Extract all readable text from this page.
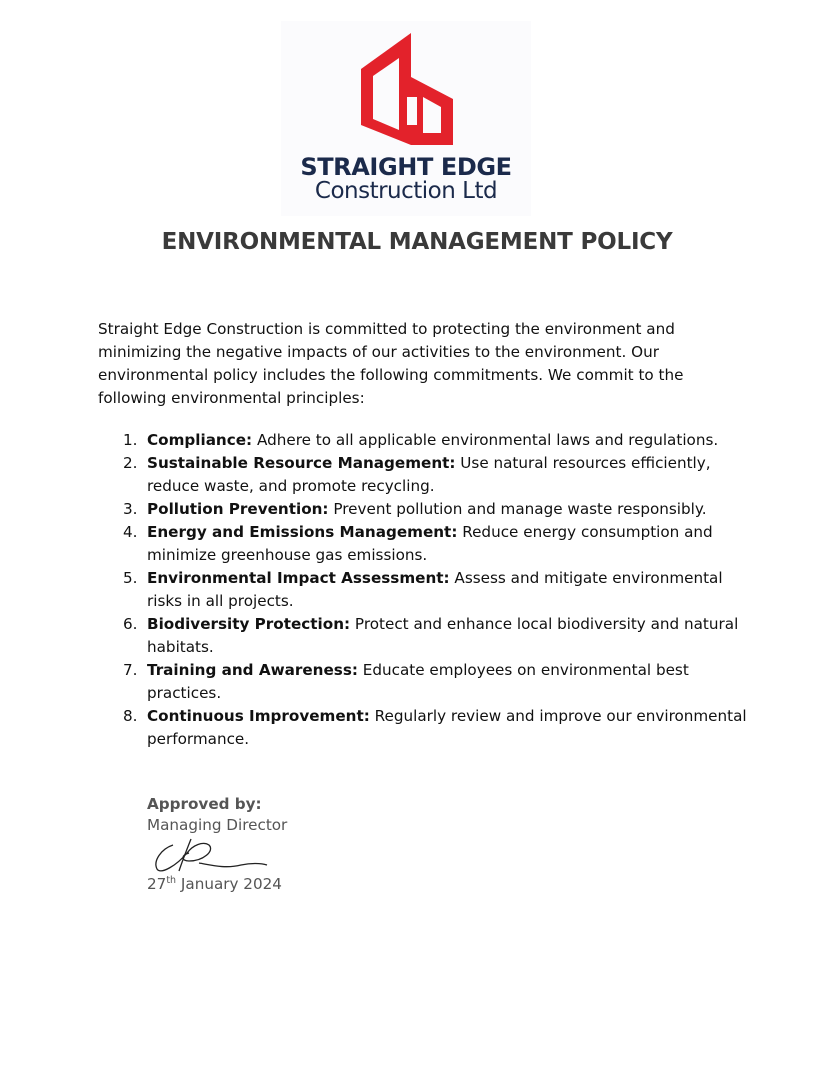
STRAIGHT EDGE
Construction Ltd
ENVIRONMENTAL MANAGEMENT POLICY

Straight Edge Construction is committed to protecting the environment and minimizing the negative impacts of our activities to the environment. Our environmental policy includes the following commitments. We commit to the following environmental principles:

1. Compliance: Adhere to all applicable environmental laws and regulations.
2. Sustainable Resource Management: Use natural resources efficiently, reduce waste, and promote recycling.
3. Pollution Prevention: Prevent pollution and manage waste responsibly.
4. Energy and Emissions Management: Reduce energy consumption and minimize greenhouse gas emissions.
5. Environmental Impact Assessment: Assess and mitigate environmental risks in all projects.
6. Biodiversity Protection: Protect and enhance local biodiversity and natural habitats.
7. Training and Awareness: Educate employees on environmental best practices.
8. Continuous Improvement: Regularly review and improve our environmental performance.
Approved by:
Managing Director
27th January 2024
